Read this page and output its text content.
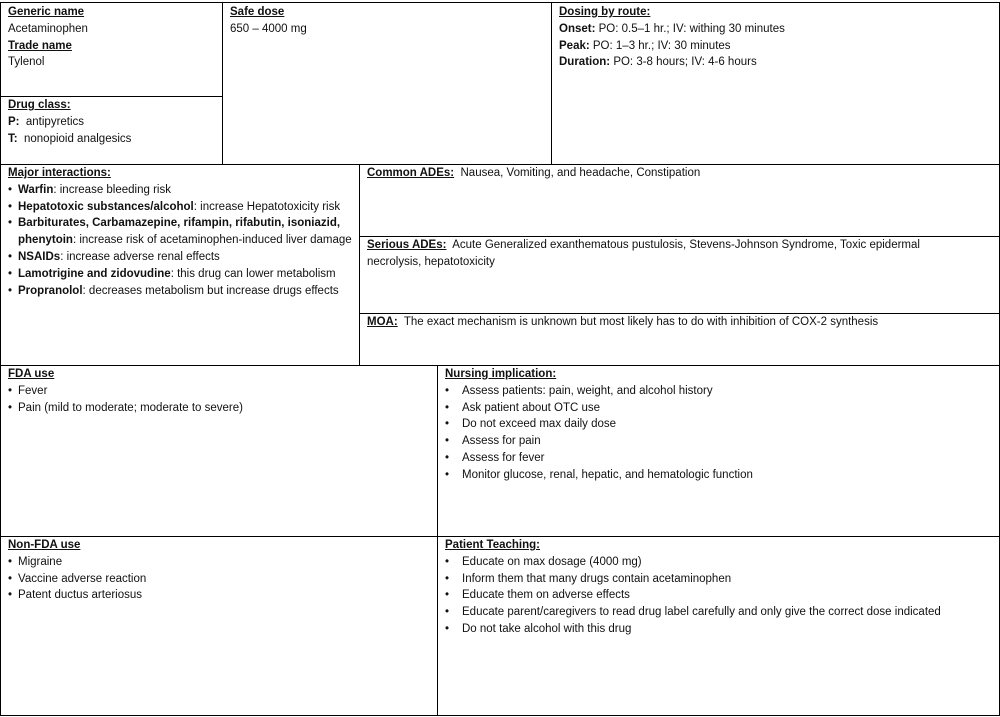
Generic name
Acetaminophen
Trade name
Tylenol
Drug class:
P: antipyretics
T: nonopioid analgesics
Safe dose
650 – 4000 mg
Dosing by route:
Onset: PO: 0.5–1 hr.; IV: withing 30 minutes
Peak: PO: 1–3 hr.; IV: 30 minutes
Duration: PO: 3-8 hours; IV: 4-6 hours
Major interactions:
• Warfin: increase bleeding risk
• Hepatotoxic substances/alcohol: increase Hepatotoxicity risk
• Barbiturates, Carbamazepine, rifampin, rifabutin, isoniazid, phenytoin: increase risk of acetaminophen-induced liver damage
• NSAIDs: increase adverse renal effects
• Lamotrigine and zidovudine: this drug can lower metabolism
• Propranolol: decreases metabolism but increase drugs effects
Common ADEs: Nausea, Vomiting, and headache, Constipation
Serious ADEs: Acute Generalized exanthematous pustulosis, Stevens-Johnson Syndrome, Toxic epidermal necrolysis, hepatotoxicity
MOA: The exact mechanism is unknown but most likely has to do with inhibition of COX-2 synthesis
FDA use
• Fever
• Pain (mild to moderate; moderate to severe)
Nursing implication:
• Assess patients: pain, weight, and alcohol history
• Ask patient about OTC use
• Do not exceed max daily dose
• Assess for pain
• Assess for fever
• Monitor glucose, renal, hepatic, and hematologic function
Non-FDA use
• Migraine
• Vaccine adverse reaction
• Patent ductus arteriosus
Patient Teaching:
• Educate on max dosage (4000 mg)
• Inform them that many drugs contain acetaminophen
• Educate them on adverse effects
• Educate parent/caregivers to read drug label carefully and only give the correct dose indicated
• Do not take alcohol with this drug
